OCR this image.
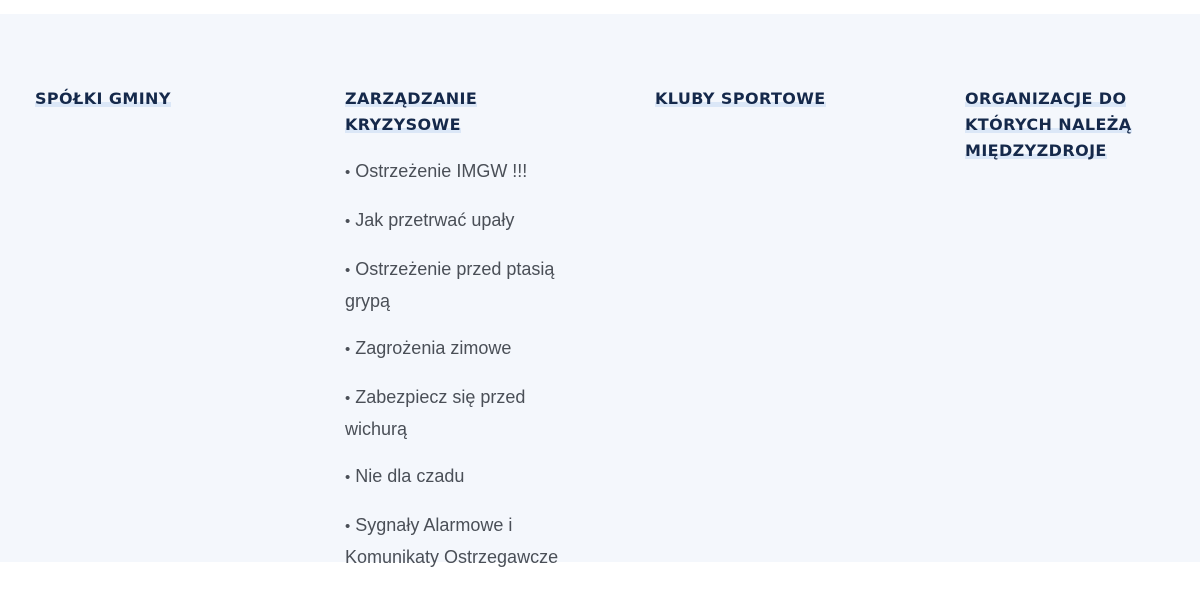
SPÓŁKI GMINY	ZARZĄDZANIE KRYZYSOWE
• Ostrzeżenie IMGW !!!
• Jak przetrwać upały
• Ostrzeżenie przed ptasią grypą
• Zagrożenia zimowe
• Zabezpiecz się przed wichurą
• Nie dla czadu
• Sygnały Alarmowe i Komunikaty Ostrzegawcze
KLUBY SPORTOWE	ORGANIZACJE DO KTÓRYCH NALEŻĄ MIĘDZYZDROJE
